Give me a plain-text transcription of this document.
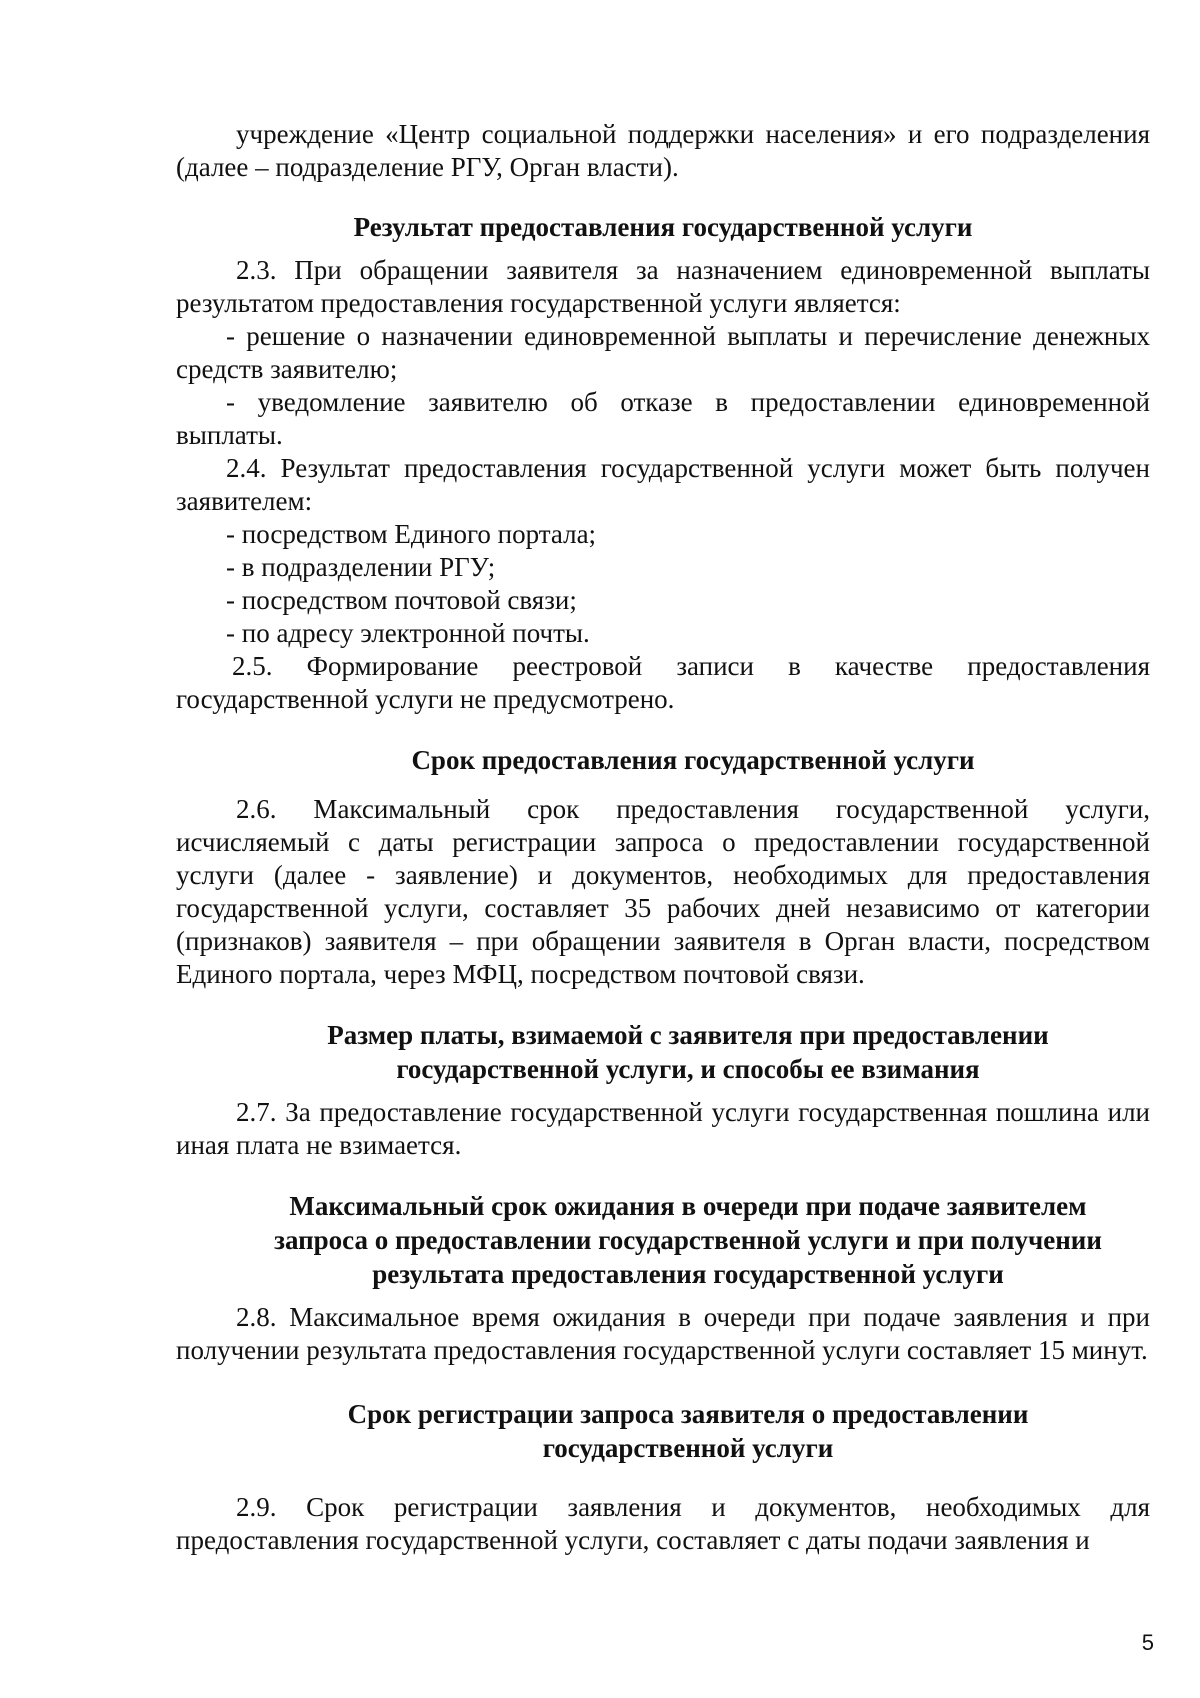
учреждение «Центр социальной поддержки населения» и его подразделения (далее – подразделение РГУ, Орган власти).

Результат предоставления государственной услуги

2.3. При обращении заявителя за назначением единовременной выплаты результатом предоставления государственной услуги является:

- решение о назначении единовременной выплаты и перечисление денежных средств заявителю;

- уведомление заявителю об отказе в предоставлении единовременной выплаты.

2.4. Результат предоставления государственной услуги может быть получен заявителем:

- посредством Единого портала;

- в подразделении РГУ;

- посредством почтовой связи;

- по адресу электронной почты.

2.5. Формирование реестровой записи в качестве предоставления государственной услуги не предусмотрено.

Срок предоставления государственной услуги

2.6. Максимальный срок предоставления государственной услуги, исчисляемый с даты регистрации запроса о предоставлении государственной услуги (далее - заявление) и документов, необходимых для предоставления государственной услуги, составляет 35 рабочих дней независимо от категории (признаков) заявителя – при обращении заявителя в Орган власти, посредством Единого портала, через МФЦ, посредством почтовой связи.

Размер платы, взимаемой с заявителя при предоставлении
государственной услуги, и способы ее взимания

2.7. За предоставление государственной услуги государственная пошлина или иная плата не взимается.

Максимальный срок ожидания в очереди при подаче заявителем
запроса о предоставлении государственной услуги и при получении
результата предоставления государственной услуги

2.8. Максимальное время ожидания в очереди при подаче заявления и при получении результата предоставления государственной услуги составляет 15 минут.

Срок регистрации запроса заявителя о предоставлении
государственной услуги

2.9. Срок регистрации заявления и документов, необходимых для предоставления государственной услуги, составляет с даты подачи заявления и

5
